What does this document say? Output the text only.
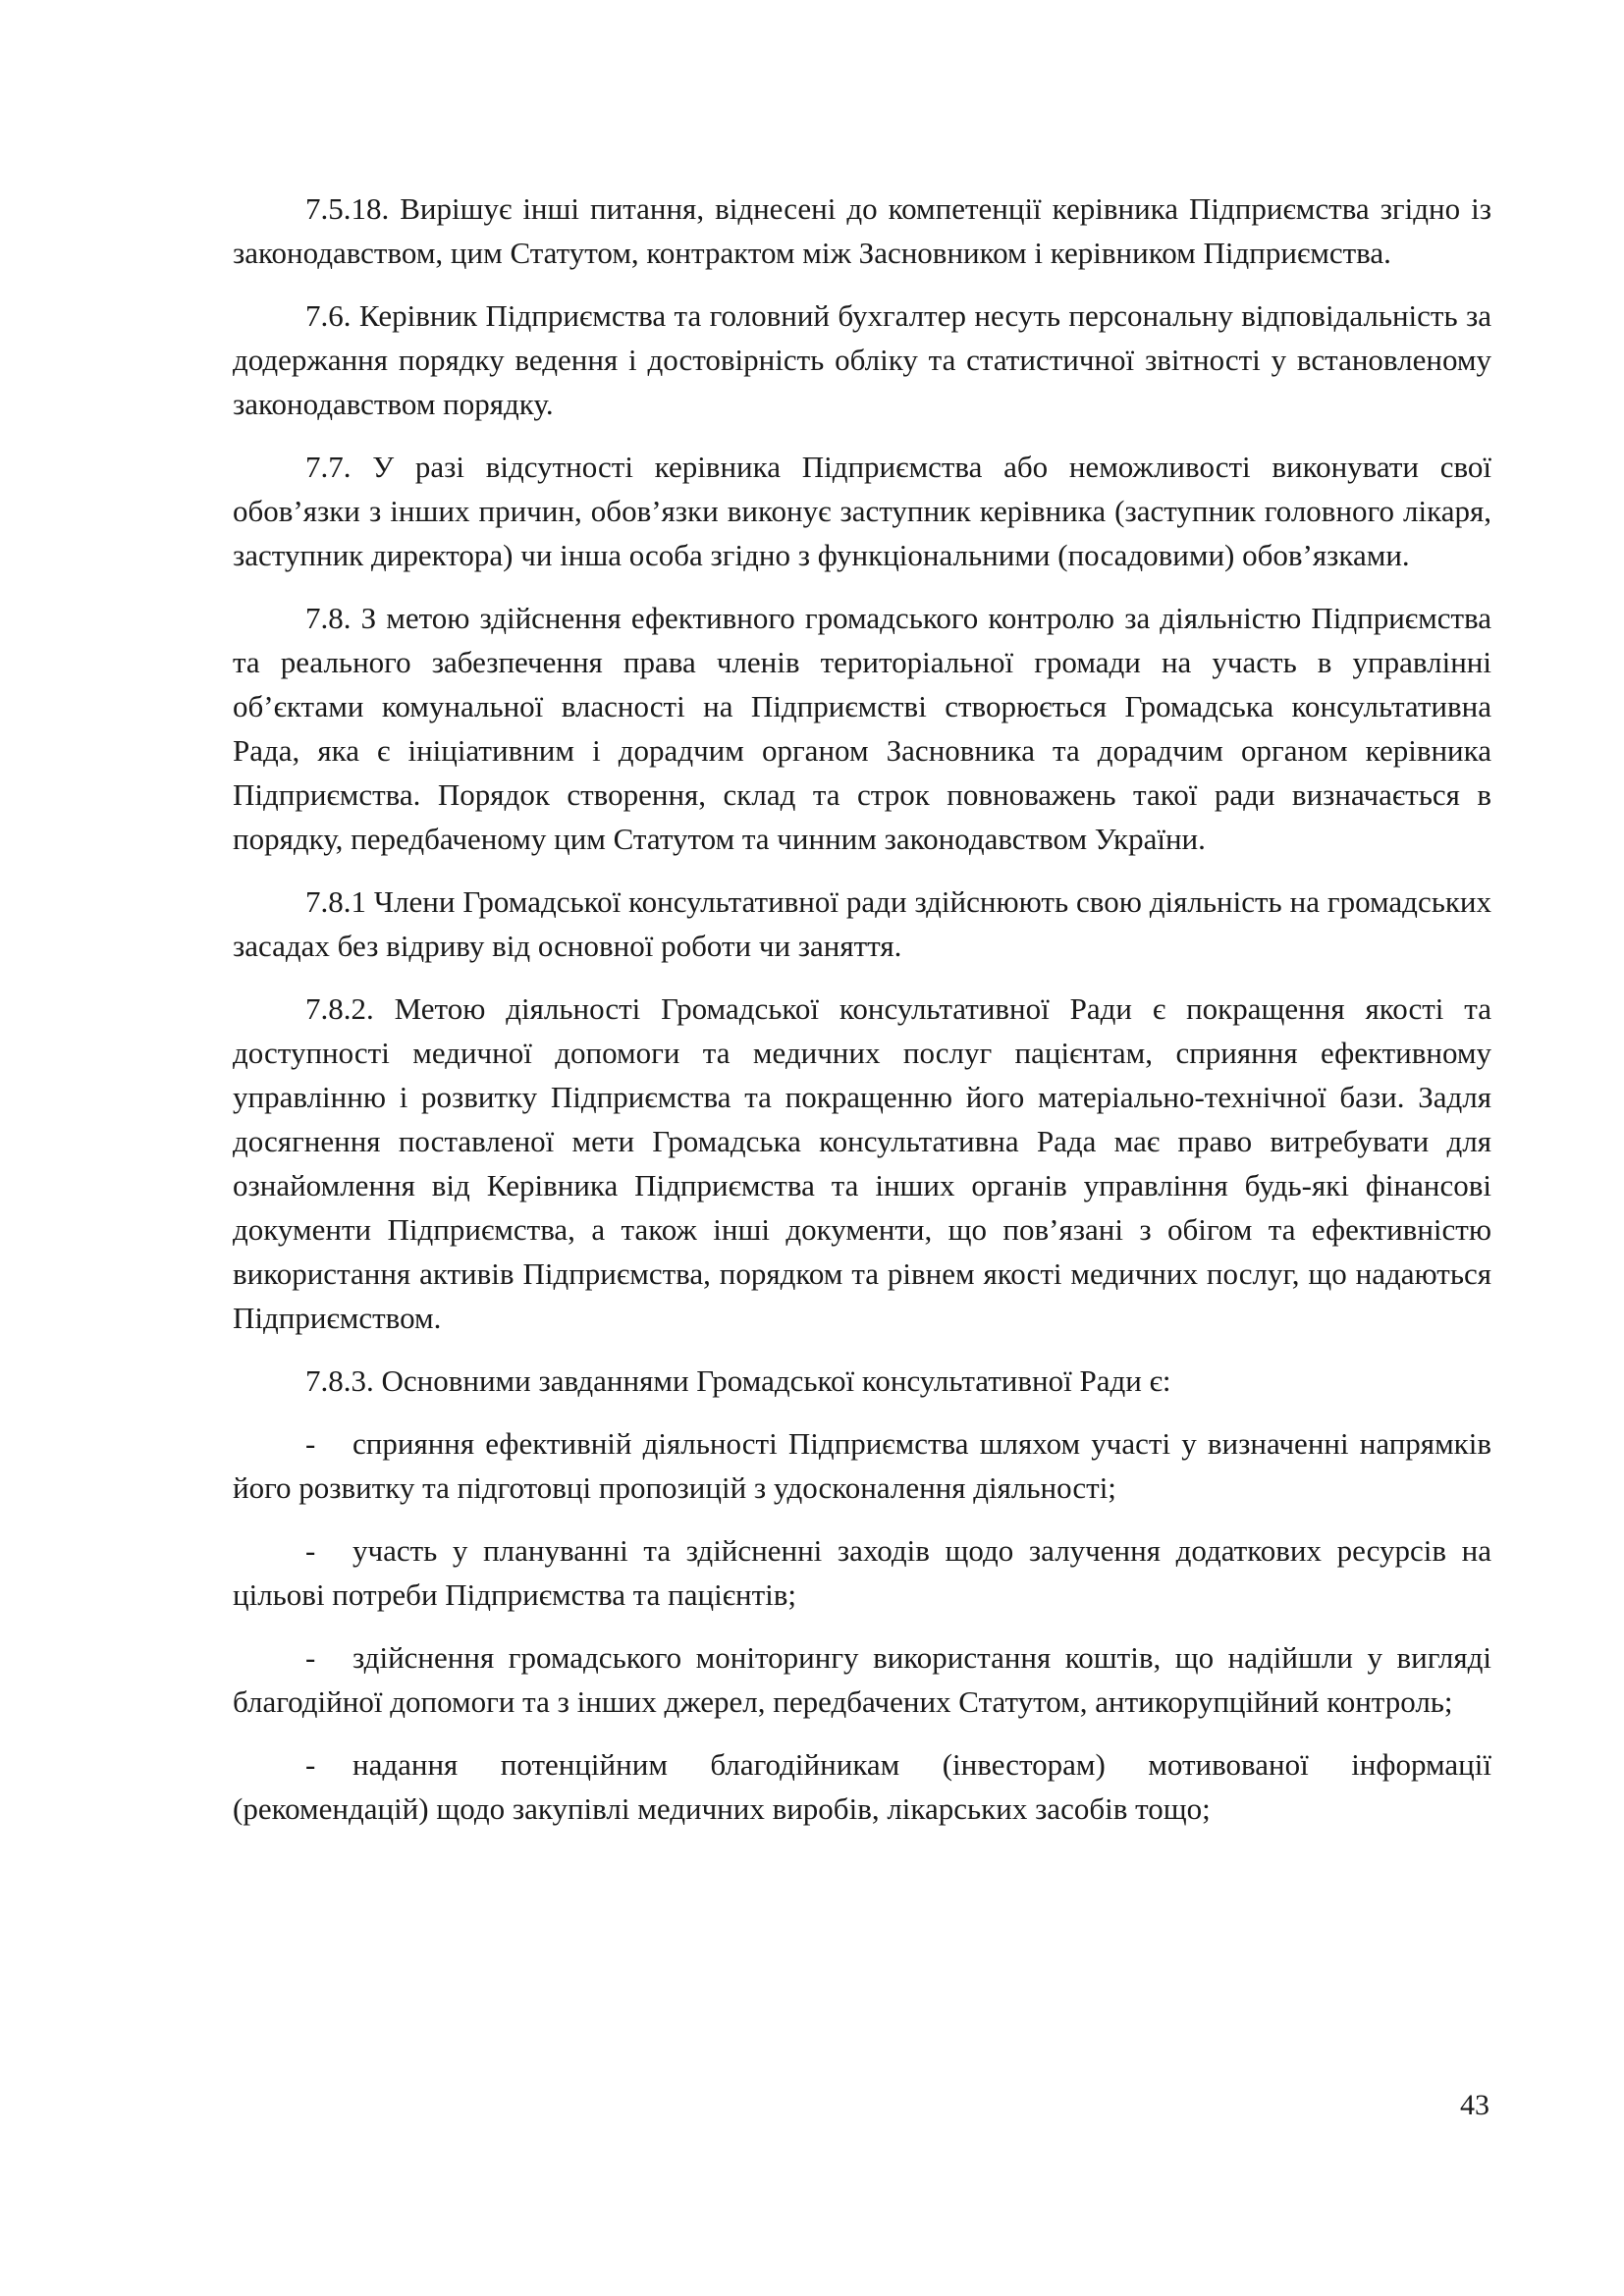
7.5.18. Вирішує інші питання, віднесені до компетенції керівника Підприємства згідно із законодавством, цим Статутом, контрактом між Засновником і керівником Підприємства.

7.6. Керівник Підприємства та головний бухгалтер несуть персональну відповідальність за додержання порядку ведення і достовірність обліку та статистичної звітності у встановленому законодавством порядку.

7.7. У разі відсутності керівника Підприємства або неможливості виконувати свої обов’язки з інших причин, обов’язки виконує заступник керівника (заступник головного лікаря, заступник директора) чи інша особа згідно з функціональними (посадовими) обов’язками.

7.8. З метою здійснення ефективного громадського контролю за діяльністю Підприємства та реального забезпечення права членів територіальної громади на участь в управлінні об’єктами комунальної власності на Підприємстві створюється Громадська консультативна Рада, яка є ініціативним і дорадчим органом Засновника та дорадчим органом керівника Підприємства. Порядок створення, склад та строк повноважень такої ради визначається в порядку, передбаченому цим Статутом та чинним законодавством України.

7.8.1 Члени Громадської консультативної ради здійснюють свою діяльність на громадських засадах без відриву від основної роботи чи заняття.

7.8.2. Метою діяльності Громадської консультативної Ради є покращення якості та доступності медичної допомоги та медичних послуг пацієнтам, сприяння ефективному управлінню і розвитку Підприємства та покращенню його матеріально-технічної бази. Задля досягнення поставленої мети Громадська консультативна Рада має право витребувати для ознайомлення від Керівника Підприємства та інших органів управління будь-які фінансові документи Підприємства, а також інші документи, що пов’язані з обігом та ефективністю використання активів Підприємства, порядком та рівнем якості медичних послуг, що надаються Підприємством.

7.8.3. Основними завданнями Громадської консультативної Ради є:

- сприяння ефективній діяльності Підприємства шляхом участі у визначенні напрямків його розвитку та підготовці пропозицій з удосконалення діяльності;

- участь у плануванні та здійсненні заходів щодо залучення додаткових ресурсів на цільові потреби Підприємства та пацієнтів;

- здійснення громадського моніторингу використання коштів, що надійшли у вигляді благодійної допомоги та з інших джерел, передбачених Статутом, антикорупційний контроль;

- надання потенційним благодійникам (інвесторам) мотивованої інформації (рекомендацій) щодо закупівлі медичних виробів, лікарських засобів тощо;

43
